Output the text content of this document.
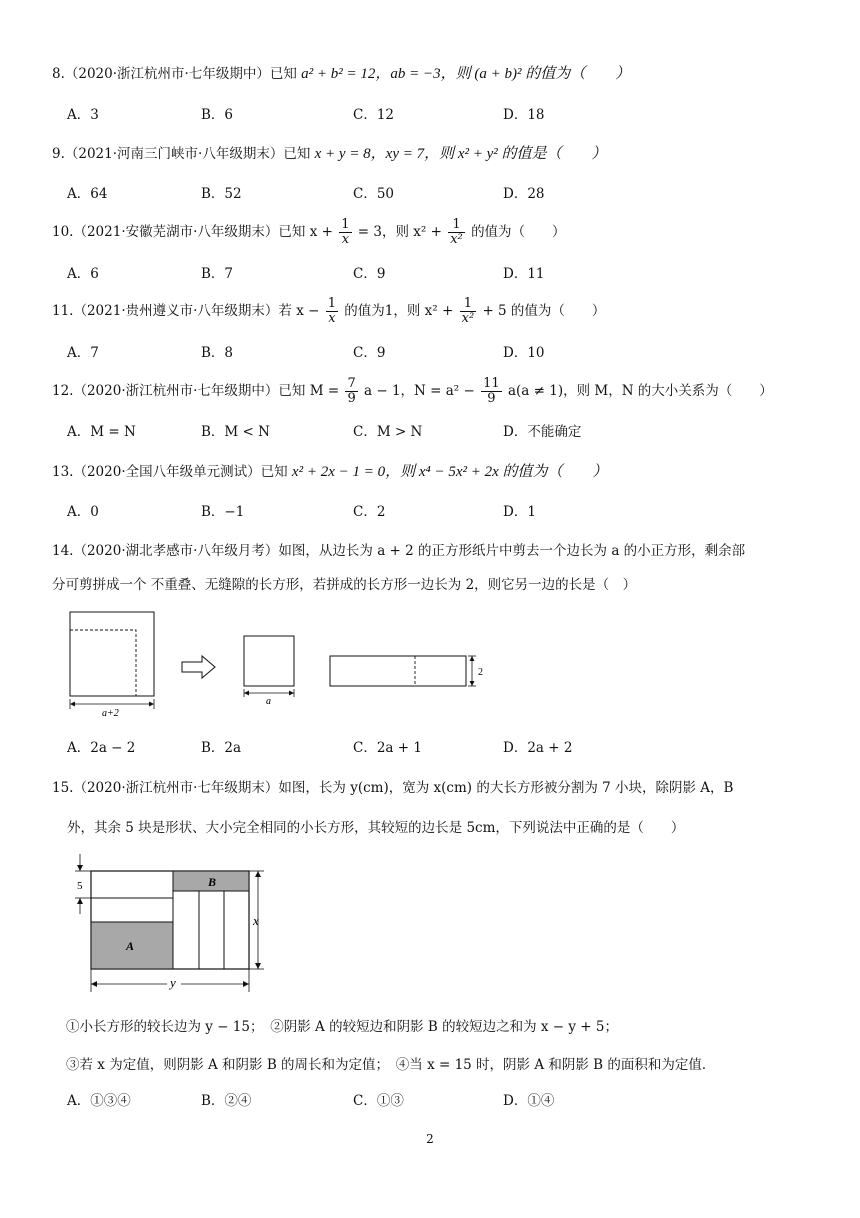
8.（2020·浙江杭州市·七年级期中）已知 a² + b² = 12，ab = −3，则 (a + b)² 的值为（　　）
A．3	B．6	C．12	D．18
9.（2021·河南三门峡市·八年级期末）已知 x + y = 8，xy = 7，则 x² + y² 的值是（　　）
A．64	B．52	C．50	D．28
10.（2021·安徽芜湖市·八年级期末）已知 $x + \frac{1}{x} = 3$，则 $x^2 + \frac{1}{\text{x²}}$ 的值为（　　）
A．6	B．7	C．9	D．11
11.（2021·贵州遵义市·八年级期末）若 $x - \frac{1}{x}$ 的值为1，则 $x^2 + \frac{1}{\text{x²}} + 5$ 的值为（　　）
A．7	B．8	C．9	D．10
12.（2020·浙江杭州市·七年级期中）已知 $M = \frac{7}{9}$ a − 1，$N = a^2 - \frac{11}{9} a(a \ne 1)$，则 M，N 的大小关系为（　　）
A．M = N	B．M < N	C．M > N	D．不能确定
13.（2020·全国八年级单元测试）已知 x² + 2x − 1 = 0，则 x⁴ − 5x² + 2x 的值为（　　）
A．0	B．−1	C．2	D．1
14.（2020·湖北孝感市·八年级月考）如图，从边长为 a + 2 的正方形纸片中剪去一个边长为 a 的小正方形，剩余部
分可剪拼成一个 不重叠、无缝隙的长方形，若拼成的长方形一边长为 2，则它另一边的长是（　）
a+2
a
2
A．2a − 2	B．2a	C．2a + 1	D．2a + 2
15.（2020·浙江杭州市·七年级期末）如图，长为 y(cm)，宽为 x(cm) 的大长方形被分割为 7 小块，除阴影 A，B
外，其余 5 块是形状、大小完全相同的小长方形，其较短的边长是 5cm，下列说法中正确的是（　　）
B
A
5
x
y
①小长方形的较长边为 y − 15；　②阴影 A 的较短边和阴影 B 的较短边之和为 x − y + 5；
③若 x 为定值，则阴影 A 和阴影 B 的周长和为定值；　④当 x = 15 时，阴影 A 和阴影 B 的面积和为定值．
A．①③④	B．②④	C．①③	D．①④
2
